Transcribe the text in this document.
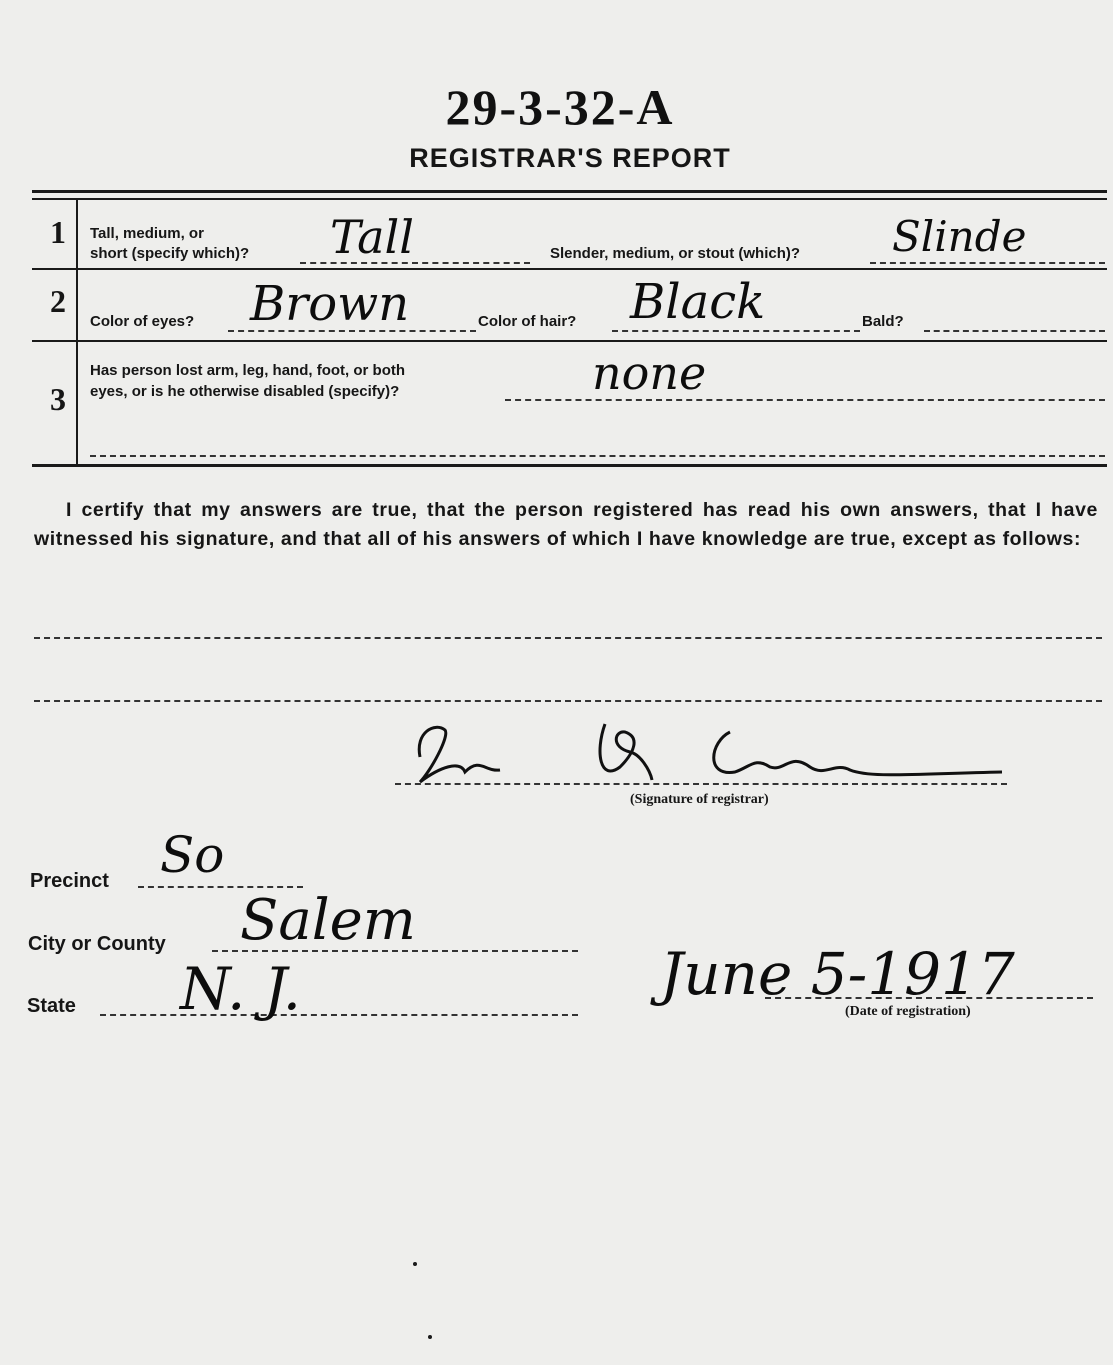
29-3-32-A
REGISTRAR'S REPORT
1 Tall, medium, or
short (specify which)? Tall	Slender, medium, or stout (which)? Slinde
2
Color of eyes? Brown	Color of hair? Black	Bald?
3
Has person lost arm, leg, hand, foot, or both
eyes, or is he otherwise disabled (specify)?	none
I certify that my answers are true, that the person registered has read his own answers, that I have witnessed his signature, and that all of his answers of which I have knowledge are true, except as follows:
(Signature of registrar)
Precinct So
City or County Salem
State N. J.	June 5-1917
(Date of registration)
